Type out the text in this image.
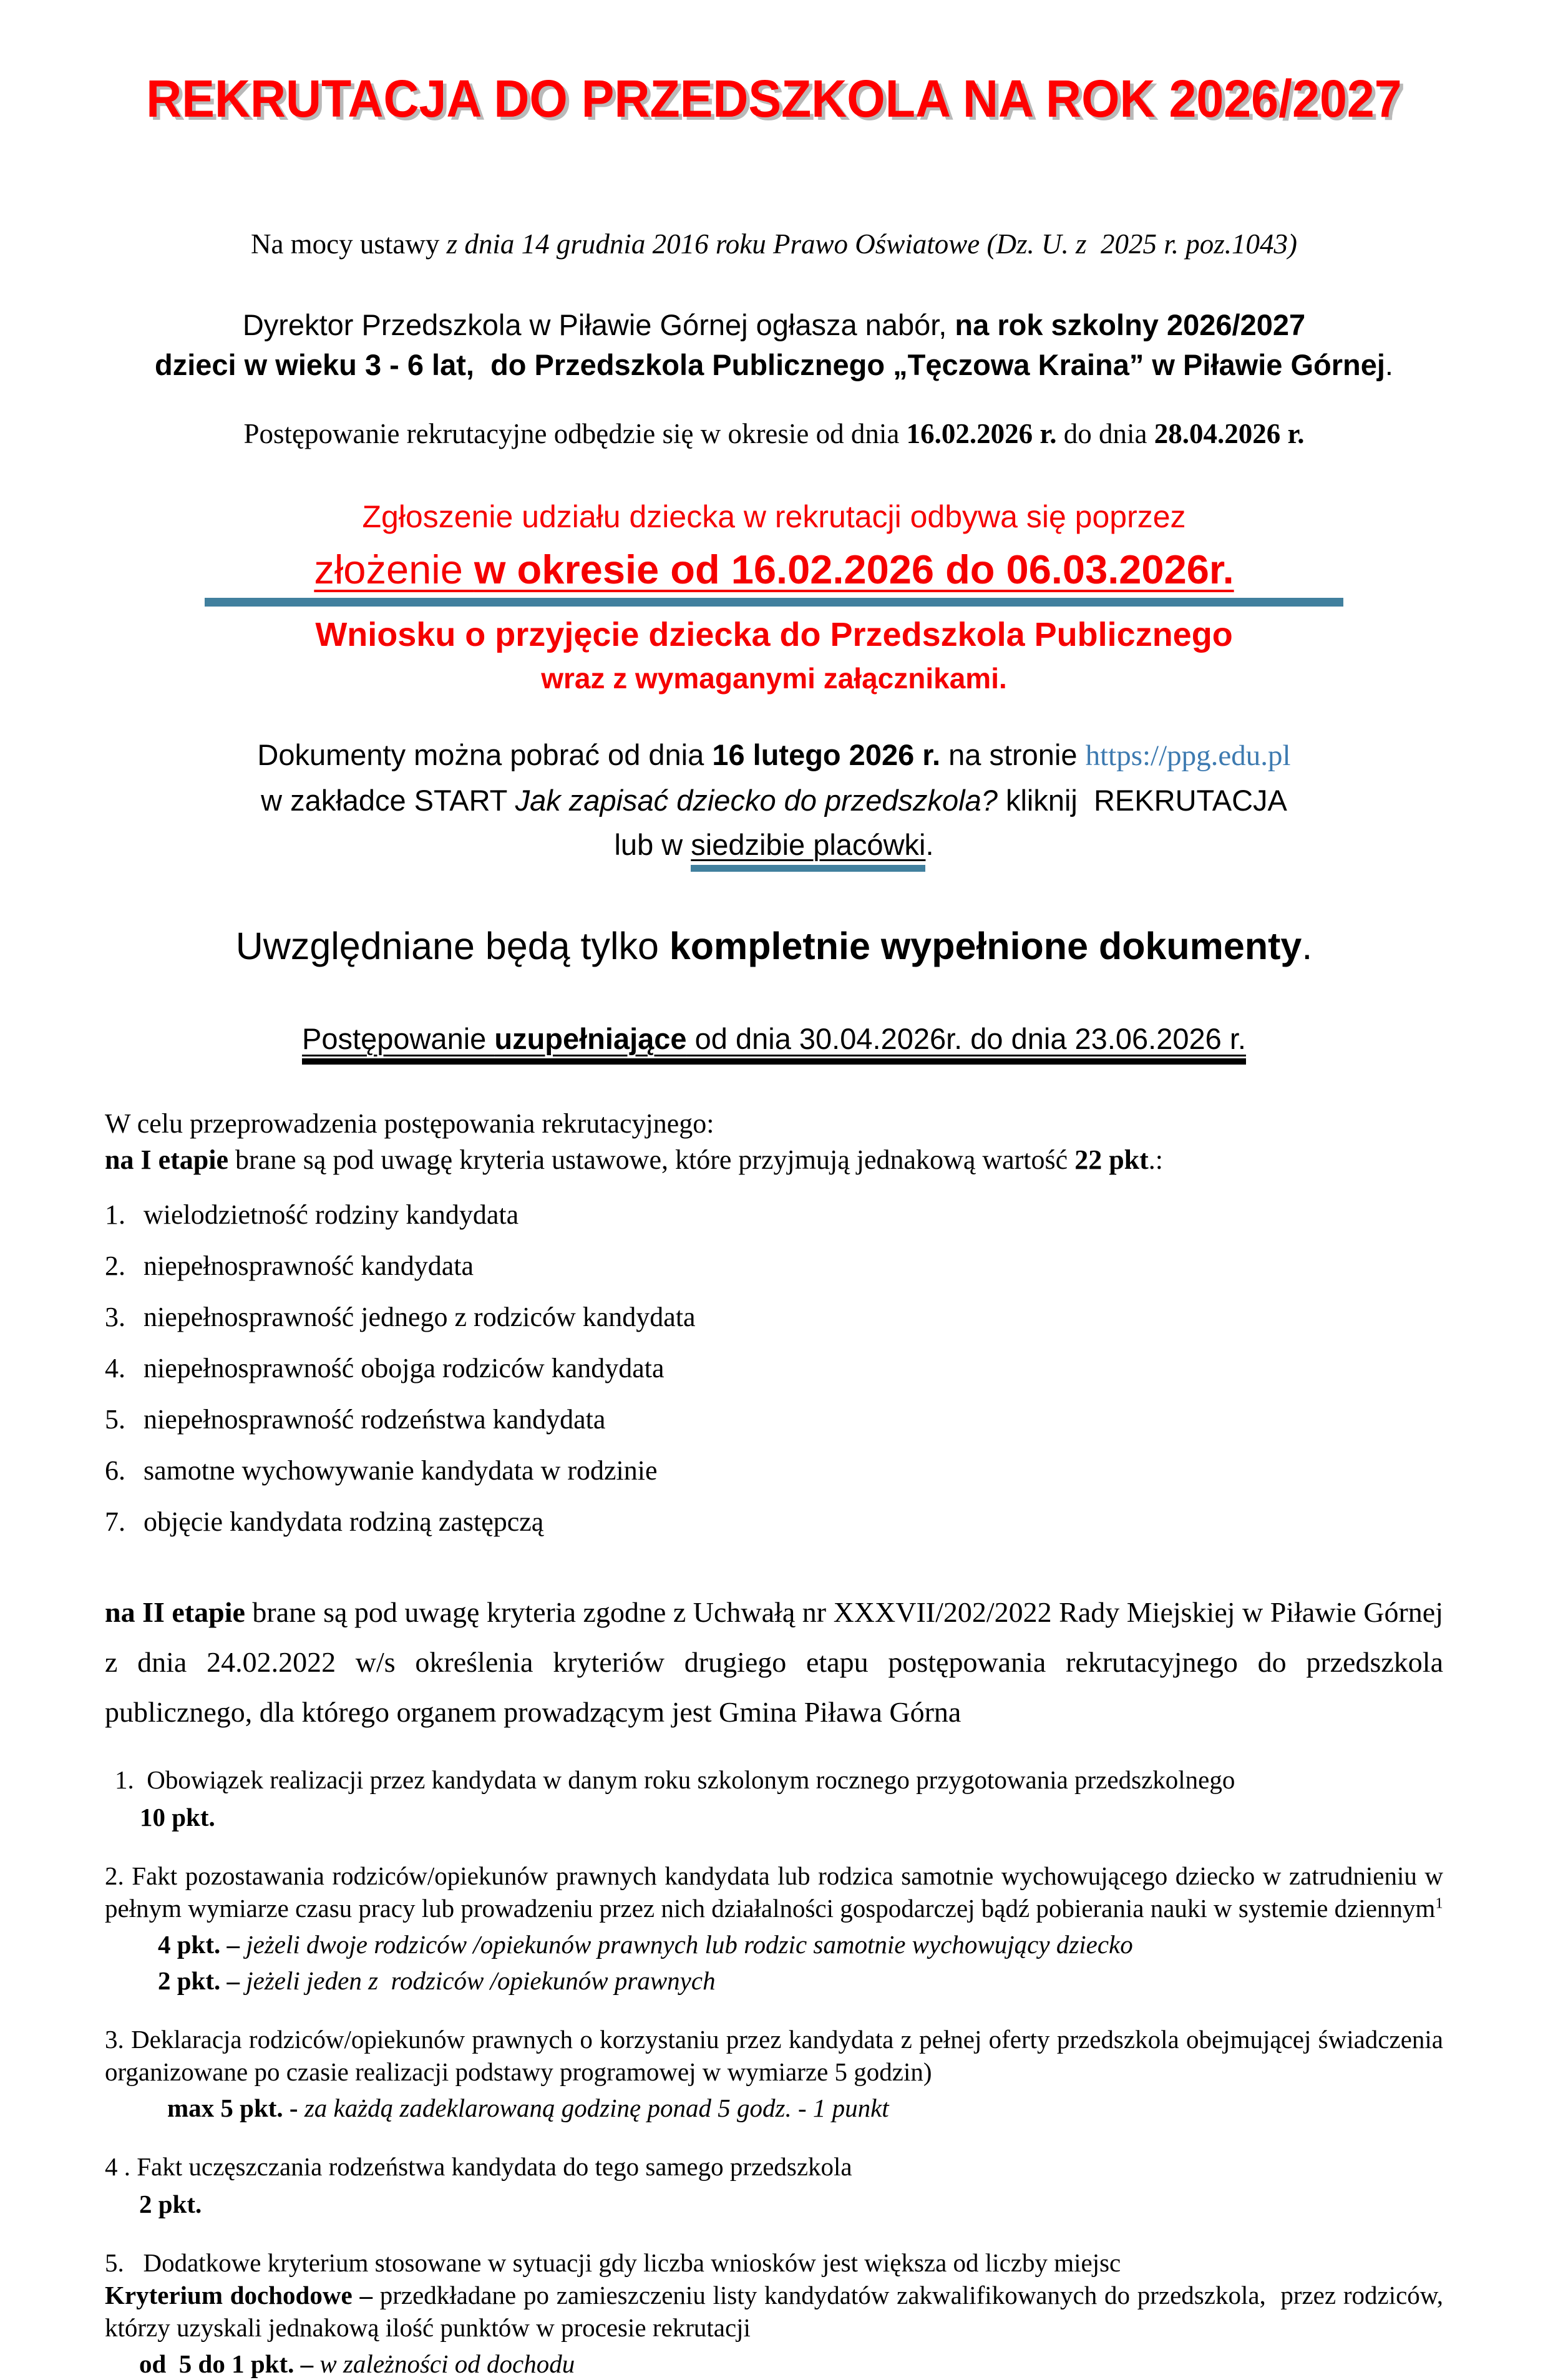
REKRUTACJA DO PRZEDSZKOLA NA ROK 2026/2027
Na mocy ustawy z dnia 14 grudnia 2016 roku Prawo Oświatowe (Dz. U. z  2025 r. poz.1043)
Dyrektor Przedszkola w Piławie Górnej ogłasza nabór, na rok szkolny 2026/2027
dzieci w wieku 3 - 6 lat,  do Przedszkola Publicznego „Tęczowa Kraina” w Piławie Górnej.
Postępowanie rekrutacyjne odbędzie się w okresie od dnia 16.02.2026 r. do dnia 28.04.2026 r.
Zgłoszenie udziału dziecka w rekrutacji odbywa się poprzez
złożenie w okresie od 16.02.2026 do 06.03.2026r.
Wniosku o przyjęcie dziecka do Przedszkola Publicznego
wraz z wymaganymi załącznikami.
Dokumenty można pobrać od dnia 16 lutego 2026 r. na stronie https://ppg.edu.pl
w zakładce START Jak zapisać dziecko do przedszkola? kliknij  REKRUTACJA
lub w siedzibie placówki.
Uwzględniane będą tylko kompletnie wypełnione dokumenty.
Postępowanie uzupełniające od dnia 30.04.2026r. do dnia 23.06.2026 r.
W celu przeprowadzenia postępowania rekrutacyjnego:
na I etapie brane są pod uwagę kryteria ustawowe, które przyjmują jednakową wartość 22 pkt.:
1. wielodzietność rodziny kandydata
2. niepełnosprawność kandydata
3. niepełnosprawność jednego z rodziców kandydata
4. niepełnosprawność obojga rodziców kandydata
5. niepełnosprawność rodzeństwa kandydata
6. samotne wychowywanie kandydata w rodzinie
7. objęcie kandydata rodziną zastępczą
na II etapie brane są pod uwagę kryteria zgodne z Uchwałą nr XXXVII/202/2022 Rady Miejskiej w Piławie Górnej z dnia 24.02.2022 w/s określenia kryteriów drugiego etapu postępowania rekrutacyjnego do przedszkola publicznego, dla którego organem prowadzącym jest Gmina Piława Górna
1.  Obowiązek realizacji przez kandydata w danym roku szkolonym rocznego przygotowania przedszkolnego
10 pkt.
2. Fakt pozostawania rodziców/opiekunów prawnych kandydata lub rodzica samotnie wychowującego dziecko w zatrudnieniu w pełnym wymiarze czasu pracy lub prowadzeniu przez nich działalności gospodarczej bądź pobierania nauki w systemie dziennym$^1$
4 pkt. – jeżeli dwoje rodziców /opiekunów prawnych lub rodzic samotnie wychowujący dziecko
2 pkt. – jeżeli jeden z  rodziców /opiekunów prawnych
3. Deklaracja rodziców/opiekunów prawnych o korzystaniu przez kandydata z pełnej oferty przedszkola obejmującej świadczenia organizowane po czasie realizacji podstawy programowej w wymiarze 5 godzin)
max 5 pkt. - za każdą zadeklarowaną godzinę ponad 5 godz. - 1 punkt
4 . Fakt uczęszczania rodzeństwa kandydata do tego samego przedszkola
2 pkt.
5.   Dodatkowe kryterium stosowane w sytuacji gdy liczba wniosków jest większa od liczby miejsc
Kryterium dochodowe – przedkładane po zamieszczeniu listy kandydatów zakwalifikowanych do przedszkola,  przez rodziców,   którzy uzyskali jednakową ilość punktów w procesie rekrutacji
od  5 do 1 pkt. – w zależności od dochodu
